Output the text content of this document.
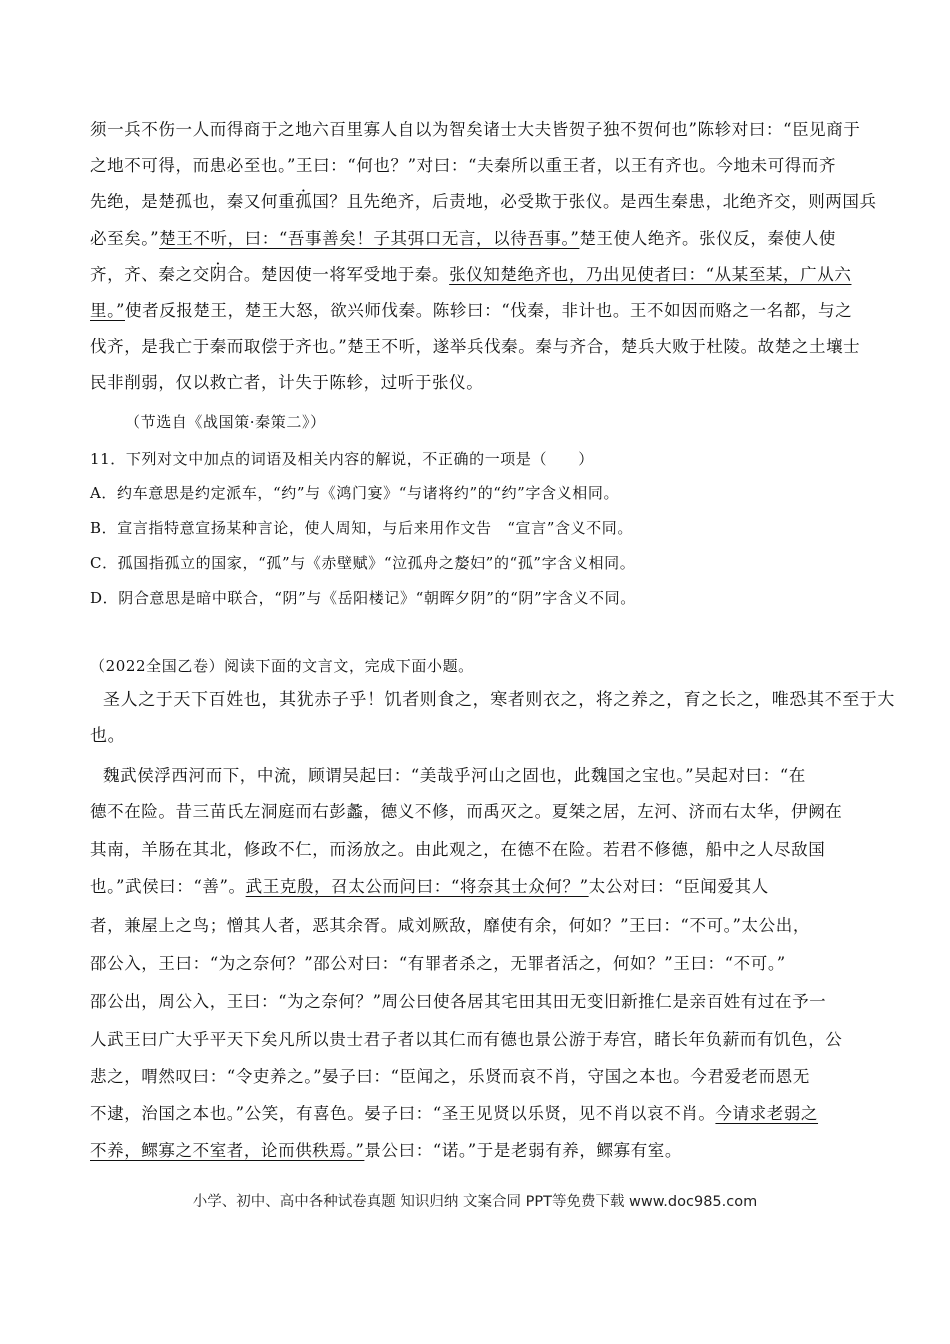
须一兵不伤一人而得商于之地六百里寡人自以为智矣诸士大夫皆贺子独不贺何也”陈轸对曰：“臣见商于
之地不可得，而患必至也。”王曰：“何也？”对曰：“夫秦所以重王者，以王有齐也。今地未可得而齐
先绝，是楚孤也，秦又何重孤国？且先绝齐，后责地，必受欺于张仪。是西生秦患，北绝齐交，则两国兵
必至矣。”楚王不听，曰：“吾事善矣！子其弭口无言，以待吾事。”楚王使人绝齐。张仪反，秦使人使
齐，齐、秦之交阴合。楚因使一将军受地于秦。张仪知楚绝齐也，乃出见使者曰：“从某至某，广从六
里。”使者反报楚王，楚王大怒，欲兴师伐秦。陈轸曰：“伐秦，非计也。王不如因而赂之一名都，与之
伐齐，是我亡于秦而取偿于齐也。”楚王不听，遂举兵伐秦。秦与齐合，楚兵大败于杜陵。故楚之土壤士
民非削弱，仅以救亡者，计失于陈轸，过听于张仪。
（节选自《战国策·秦策二》）
11．下列对文中加点的词语及相关内容的解说，不正确的一项是（　　）
A．约车意思是约定派车，“约”与《鸿门宴》“与诸将约”的“约”字含义相同。
B．宣言指特意宣扬某种言论，使人周知，与后来用作文告　“宣言”含义不同。
C．孤国指孤立的国家，“孤”与《赤壁赋》“泣孤舟之嫠妇”的“孤”字含义相同。
D．阴合意思是暗中联合，“阴”与《岳阳楼记》“朝晖夕阴”的“阴”字含义不同。
（2022全国乙卷）阅读下面的文言文，完成下面小题。
圣人之于天下百姓也，其犹赤子乎！饥者则食之，寒者则衣之，将之养之，育之长之，唯恐其不至于大
也。
魏武侯浮西河而下，中流，顾谓吴起曰：“美哉乎河山之固也，此魏国之宝也。”吴起对曰：“在
德不在险。昔三苗氏左洞庭而右彭蠡，德义不修，而禹灭之。夏桀之居，左河、济而右太华，伊阙在
其南，羊肠在其北，修政不仁，而汤放之。由此观之，在德不在险。若君不修德，船中之人尽敌国
也。”武侯曰：“善”。武王克殷，召太公而问曰：“将奈其士众何？”太公对曰：“臣闻爱其人
者，兼屋上之鸟；憎其人者，恶其余胥。咸刘厥敌，靡使有余，何如？”王曰：“不可。”太公出，
邵公入，王曰：“为之奈何？”邵公对曰：“有罪者杀之，无罪者活之，何如？”王曰：“不可。”
邵公出，周公入，王曰：“为之奈何？”周公曰使各居其宅田其田无变旧新推仁是亲百姓有过在予一
人武王曰广大乎平天下矣凡所以贵士君子者以其仁而有德也景公游于寿宫，睹长年负薪而有饥色，公
悲之，喟然叹曰：“令吏养之。”晏子曰：“臣闻之，乐贤而哀不肖，守国之本也。今君爱老而恩无
不逮，治国之本也。”公笑，有喜色。晏子曰：“圣王见贤以乐贤，见不肖以哀不肖。今请求老弱之
不养，鳏寡之不室者，论而供秩焉。”景公曰：“诺。”于是老弱有养，鳏寡有室。
小学、初中、高中各种试卷真题 知识归纳 文案合同 PPT等免费下载 www.doc985.com
